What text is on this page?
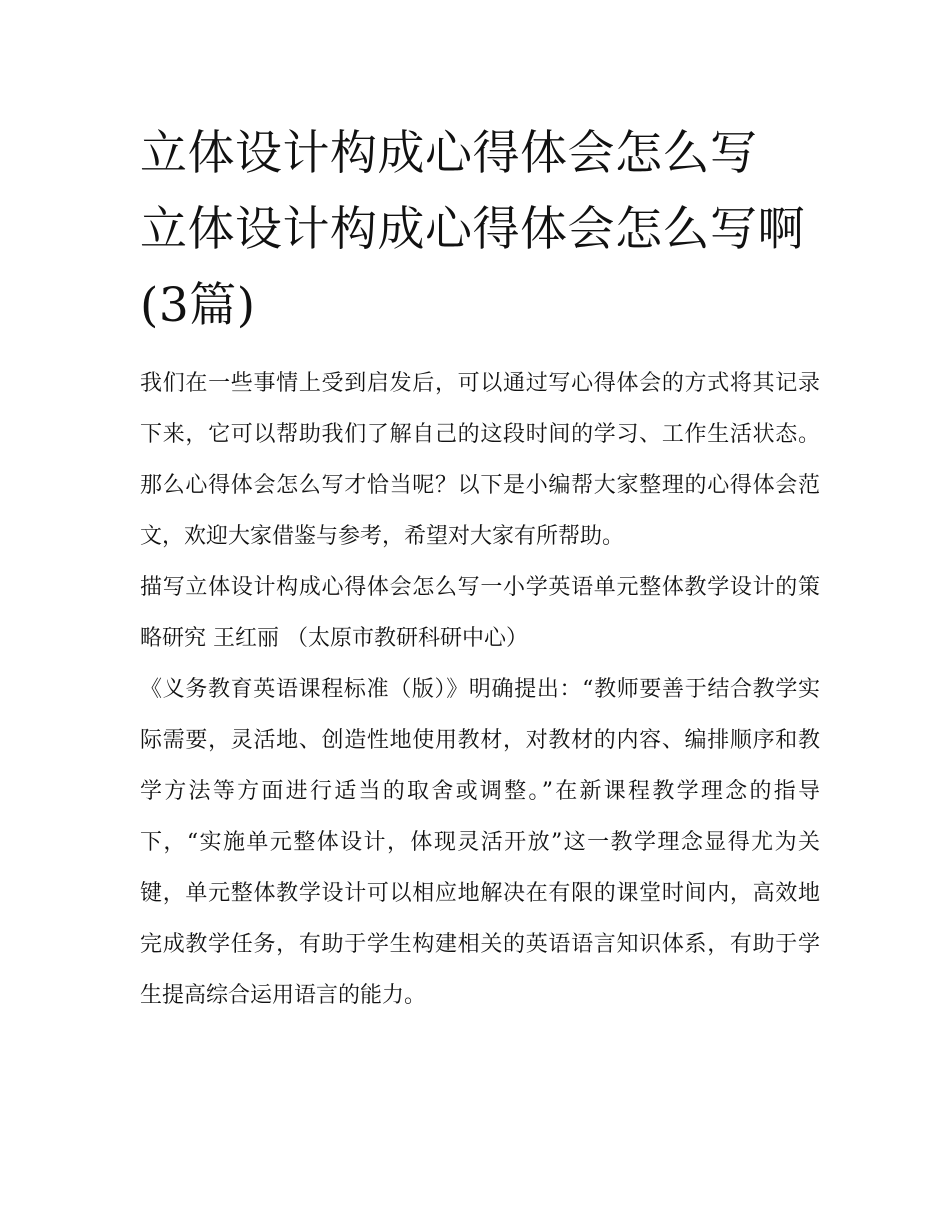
立体设计构成心得体会怎么写 立体设计构成心得体会怎么写啊(3篇)

我们在一些事情上受到启发后，可以通过写心得体会的方式将其记录下来，它可以帮助我们了解自己的这段时间的学习、工作生活状态。那么心得体会怎么写才恰当呢？以下是小编帮大家整理的心得体会范文，欢迎大家借鉴与参考，希望对大家有所帮助。

描写立体设计构成心得体会怎么写一小学英语单元整体教学设计的策略研究 王红丽 （太原市教研科研中心）

《义务教育英语课程标准（版）》明确提出：“教师要善于结合教学实际需要，灵活地、创造性地使用教材，对教材的内容、编排顺序和教学方法等方面进行适当的取舍或调整。”在新课程教学理念的指导下，“实施单元整体设计，体现灵活开放”这一教学理念显得尤为关键，单元整体教学设计可以相应地解决在有限的课堂时间内，高效地完成教学任务，有助于学生构建相关的英语语言知识体系，有助于学生提高综合运用语言的能力。
